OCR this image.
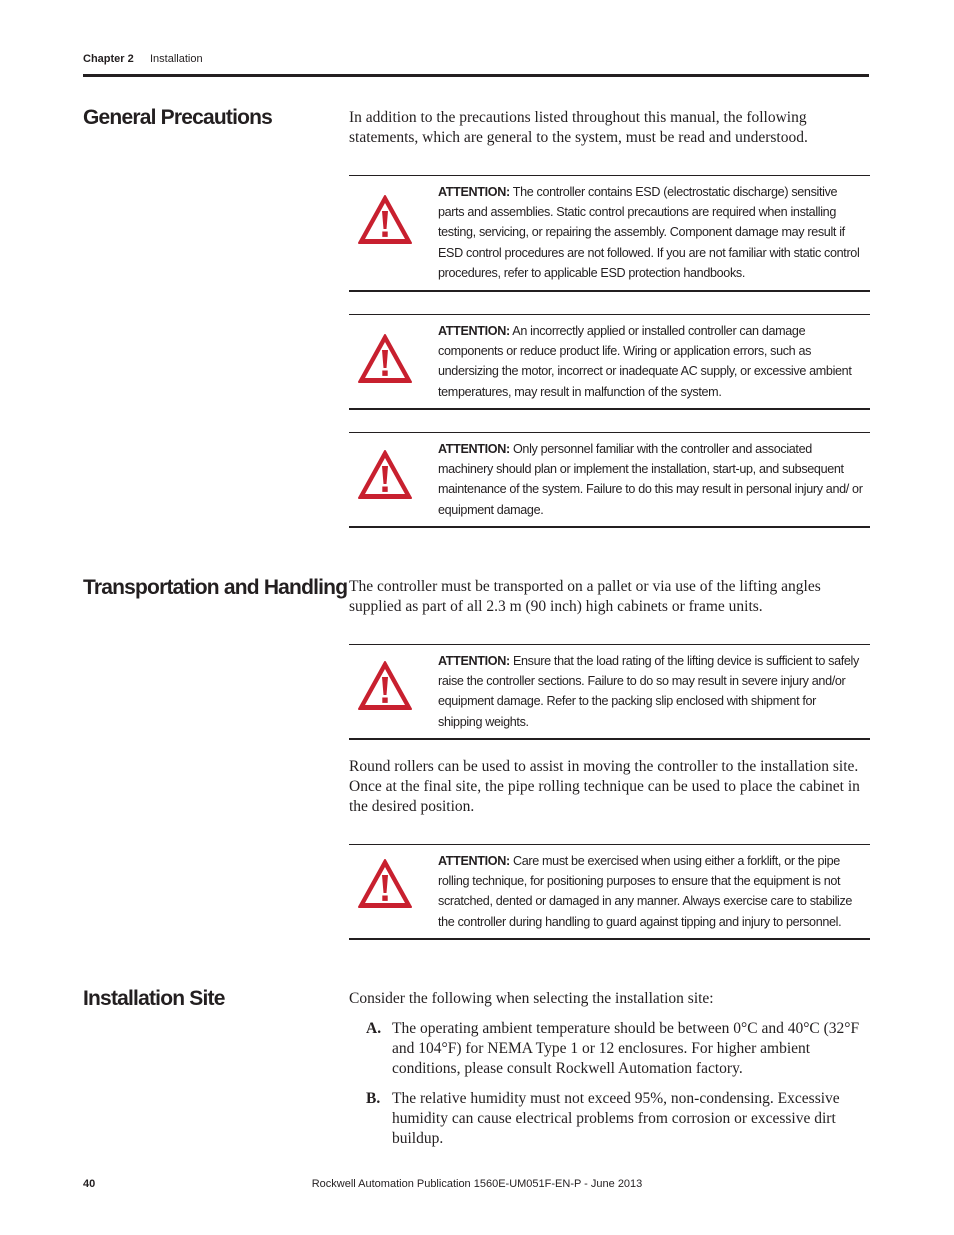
Chapter 2 Installation
General Precautions	In addition to the precautions listed throughout this manual, the following statements, which are general to the system, must be read and understood.

ATTENTION: The controller contains ESD (electrostatic discharge) sensitive parts and assemblies. Static control precautions are required when installing testing, servicing, or repairing the assembly. Component damage may result if ESD control procedures are not followed. If you are not familiar with static control procedures, refer to applicable ESD protection handbooks.

ATTENTION: An incorrectly applied or installed controller can damage components or reduce product life. Wiring or application errors, such as undersizing the motor, incorrect or inadequate AC supply, or excessive ambient temperatures, may result in malfunction of the system.

ATTENTION: Only personnel familiar with the controller and associated machinery should plan or implement the installation, start-up, and subsequent maintenance of the system. Failure to do this may result in personal injury and/ or equipment damage.

Transportation and Handling The controller must be transported on a pallet or via use of the lifting angles supplied as part of all 2.3 m (90 inch) high cabinets or frame units.

ATTENTION: Ensure that the load rating of the lifting device is sufficient to safely raise the controller sections. Failure to do so may result in severe injury and/or equipment damage. Refer to the packing slip enclosed with shipment for shipping weights.

Round rollers can be used to assist in moving the controller to the installation site. Once at the final site, the pipe rolling technique can be used to place the cabinet in the desired position.

ATTENTION: Care must be exercised when using either a forklift, or the pipe rolling technique, for positioning purposes to ensure that the equipment is not scratched, dented or damaged in any manner. Always exercise care to stabilize the controller during handling to guard against tipping and injury to personnel.

Installation Site	Consider the following when selecting the installation site:

A. The operating ambient temperature should be between 0°C and 40°C (32°F and 104°F) for NEMA Type 1 or 12 enclosures. For higher ambient conditions, please consult Rockwell Automation factory.

B. The relative humidity must not exceed 95%, non-condensing. Excessive humidity can cause electrical problems from corrosion or excessive dirt buildup.

40	Rockwell Automation Publication 1560E-UM051F-EN-P - June 2013
